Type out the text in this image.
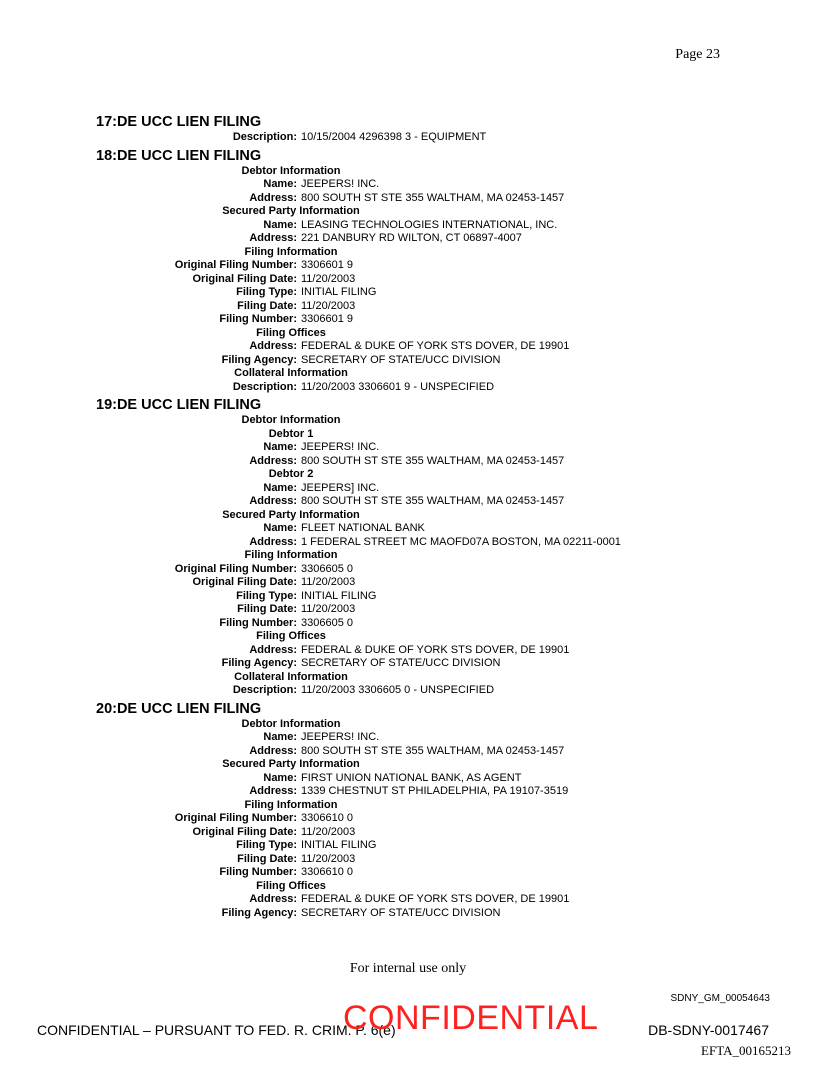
Page 23
17:DE UCC LIEN FILING
Description: 10/15/2004 4296398 3 - EQUIPMENT
18:DE UCC LIEN FILING
Debtor Information
Name: JEEPERS! INC.
Address: 800 SOUTH ST STE 355 WALTHAM, MA 02453-1457
Secured Party Information
Name: LEASING TECHNOLOGIES INTERNATIONAL, INC.
Address: 221 DANBURY RD WILTON, CT 06897-4007
Filing Information
Original Filing Number: 3306601 9
Original Filing Date: 11/20/2003
Filing Type: INITIAL FILING
Filing Date: 11/20/2003
Filing Number: 3306601 9
Filing Offices
Address: FEDERAL & DUKE OF YORK STS DOVER, DE 19901
Filing Agency: SECRETARY OF STATE/UCC DIVISION
Collateral Information
Description: 11/20/2003 3306601 9 - UNSPECIFIED
19:DE UCC LIEN FILING
Debtor Information
Debtor 1
Name: JEEPERS! INC.
Address: 800 SOUTH ST STE 355 WALTHAM, MA 02453-1457
Debtor 2
Name: JEEPERS] INC.
Address: 800 SOUTH ST STE 355 WALTHAM, MA 02453-1457
Secured Party Information
Name: FLEET NATIONAL BANK
Address: 1 FEDERAL STREET MC MAOFD07A BOSTON, MA 02211-0001
Filing Information
Original Filing Number: 3306605 0
Original Filing Date: 11/20/2003
Filing Type: INITIAL FILING
Filing Date: 11/20/2003
Filing Number: 3306605 0
Filing Offices
Address: FEDERAL & DUKE OF YORK STS DOVER, DE 19901
Filing Agency: SECRETARY OF STATE/UCC DIVISION
Collateral Information
Description: 11/20/2003 3306605 0 - UNSPECIFIED
20:DE UCC LIEN FILING
Debtor Information
Name: JEEPERS! INC.
Address: 800 SOUTH ST STE 355 WALTHAM, MA 02453-1457
Secured Party Information
Name: FIRST UNION NATIONAL BANK, AS AGENT
Address: 1339 CHESTNUT ST PHILADELPHIA, PA 19107-3519
Filing Information
Original Filing Number: 3306610 0
Original Filing Date: 11/20/2003
Filing Type: INITIAL FILING
Filing Date: 11/20/2003
Filing Number: 3306610 0
Filing Offices
Address: FEDERAL & DUKE OF YORK STS DOVER, DE 19901
Filing Agency: SECRETARY OF STATE/UCC DIVISION
For internal use only
SDNY_GM_00054643
CONFIDENTIAL – PURSUANT TO FED. R. CRIM. P. 6(e)
CONFIDENTIAL	DB-SDNY-0017467
EFTA_00165213
